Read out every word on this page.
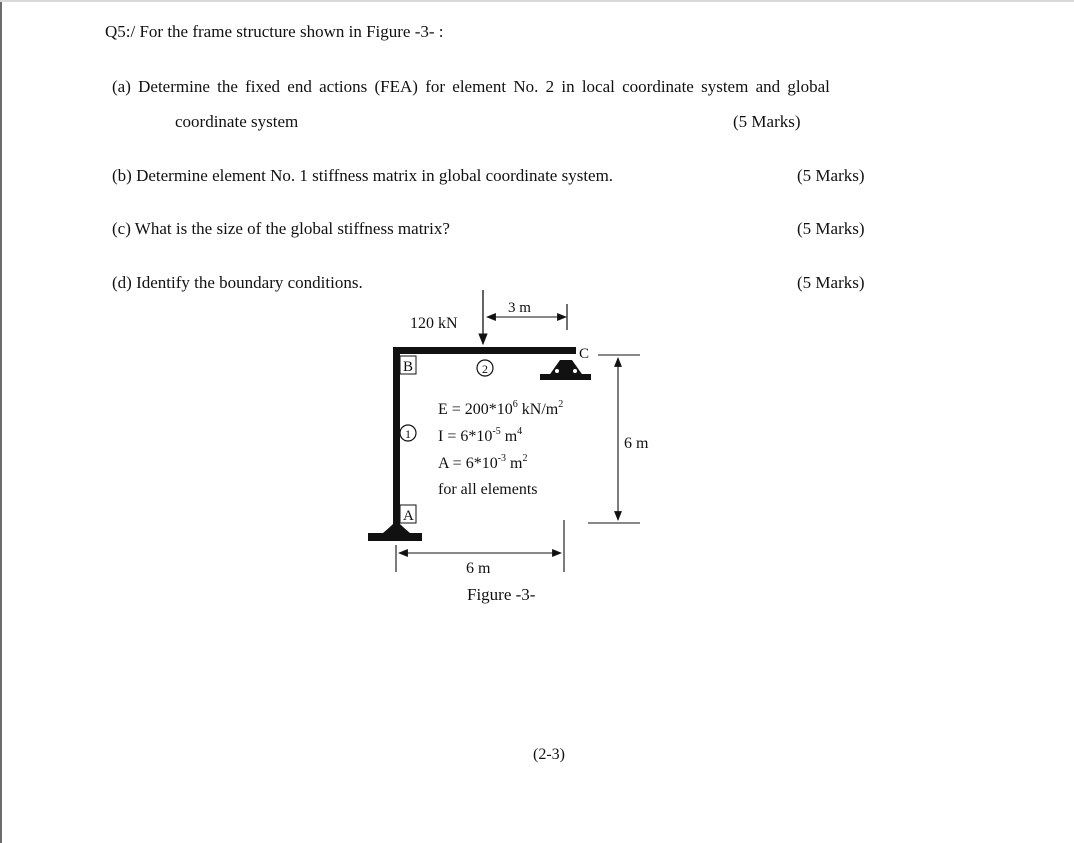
Q5:/ For the frame structure shown in Figure -3- :
(a) Determine the fixed end actions (FEA) for element No. 2 in local coordinate system and global
coordinate system	(5 Marks)
(b) Determine element No. 1 stiffness matrix in global coordinate system.	(5 Marks)
(c) What is the size of the global stiffness matrix?	(5 Marks)
(d) Identify the boundary conditions.	(5 Marks)
B
C
A
2
1
120 kN
3 m
6 m
6 m
$E = 200*10^6$ $kN/m^2$
$I = 6*10^{-5}$ $m^4$
$A = 6*10^{-3}$ $m^2$
for all elements
Figure -3-
(2-3)
